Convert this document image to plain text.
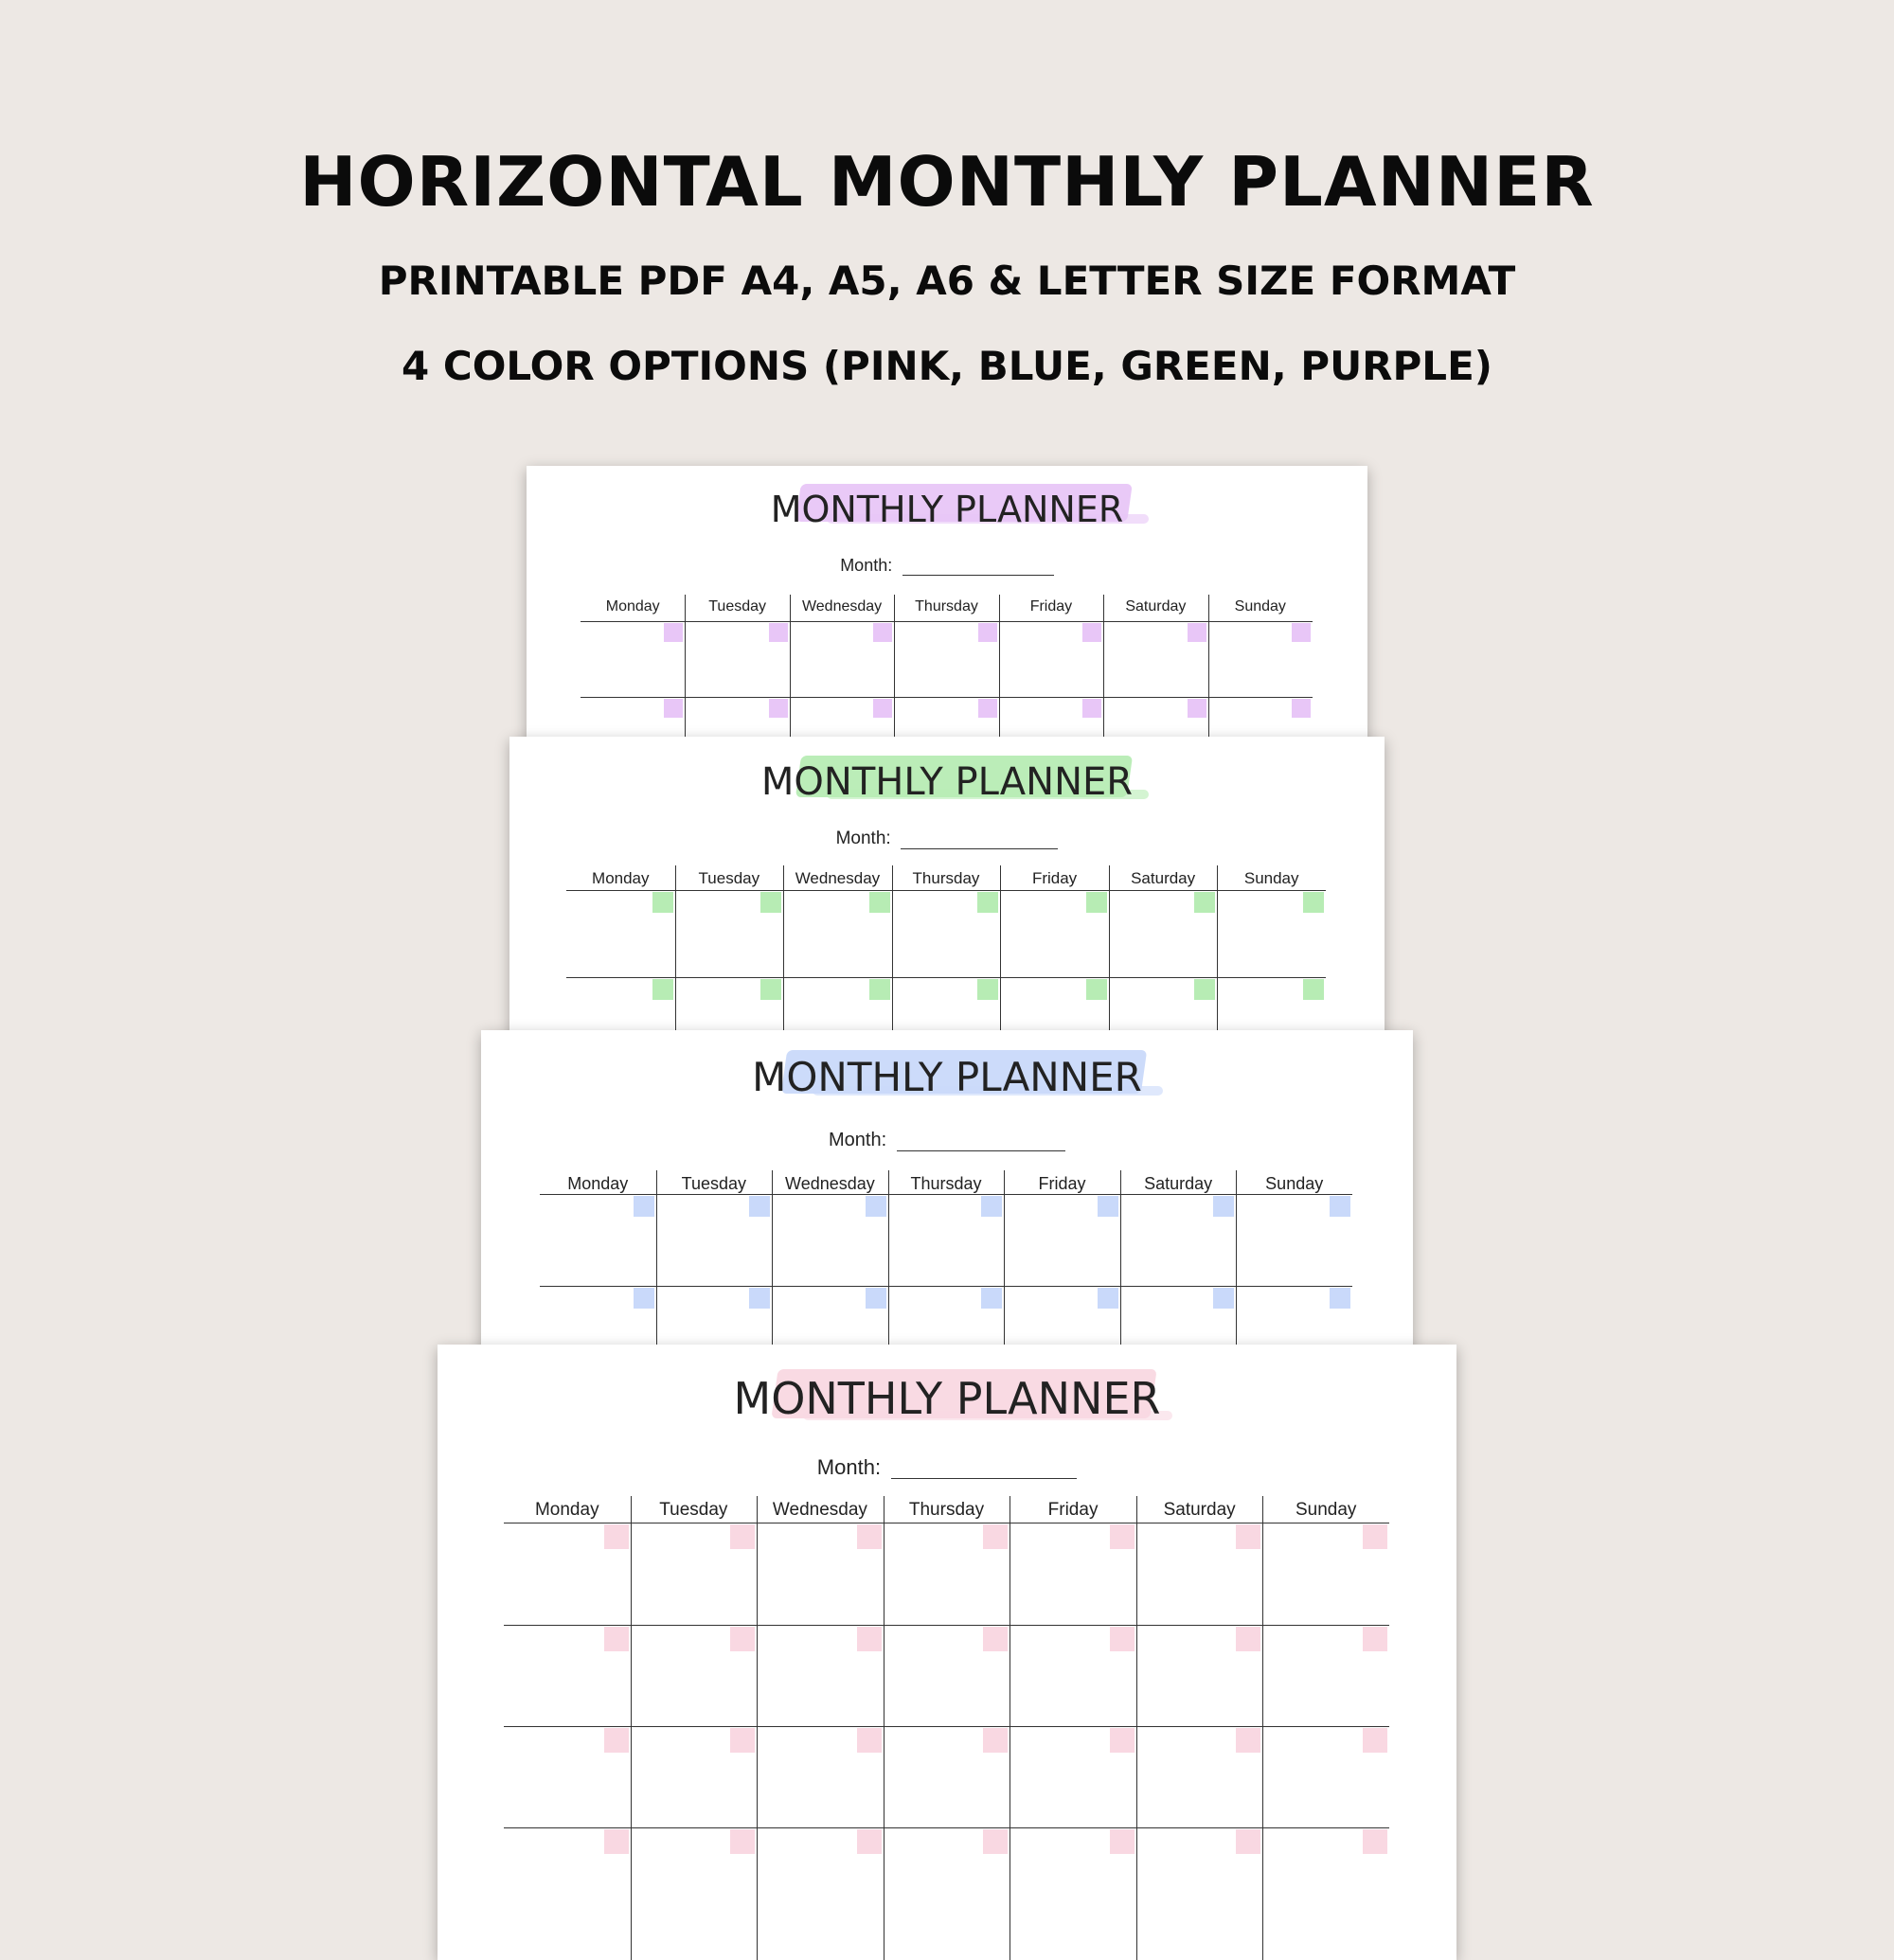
HORIZONTAL MONTHLY PLANNER
PRINTABLE PDF A4, A5, A6 & LETTER SIZE FORMAT
4 COLOR OPTIONS (PINK, BLUE, GREEN, PURPLE)
MONTHLY PLANNER
Month:
Monday	Tuesday	Wednesday	Thursday	Friday	Saturday	Sunday
MONTHLY PLANNER
Month:
Monday	Tuesday	Wednesday	Thursday	Friday	Saturday	Sunday
MONTHLY PLANNER
Month:
Monday	Tuesday	Wednesday	Thursday	Friday	Saturday	Sunday
MONTHLY PLANNER
Month:
Monday	Tuesday	Wednesday	Thursday	Friday	Saturday	Sunday
